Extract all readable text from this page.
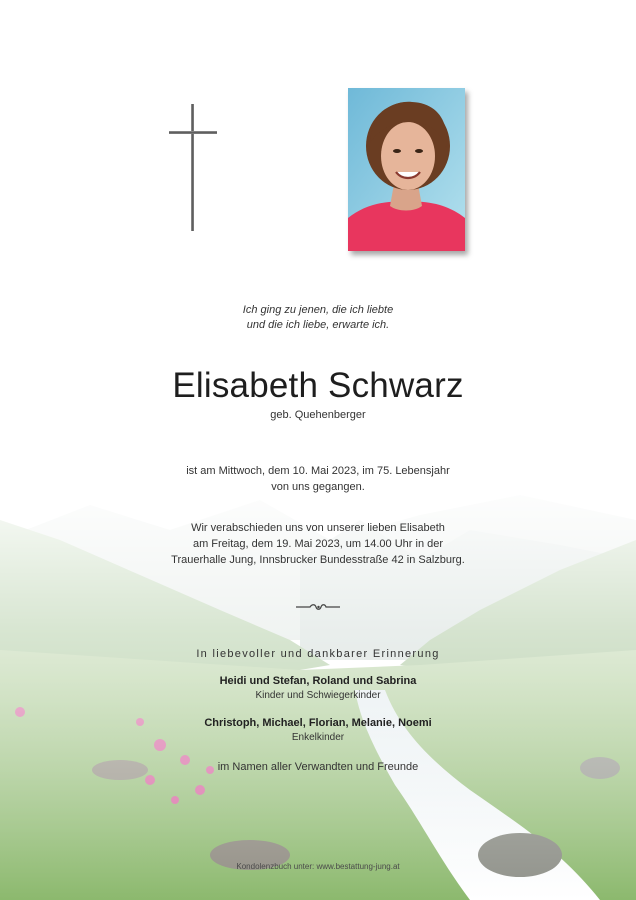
Ich ging zu jenen, die ich liebte
und die ich liebe, erwarte ich.
Elisabeth Schwarz
geb. Quehenberger
ist am Mittwoch, dem 10. Mai 2023, im 75. Lebensjahr
von uns gegangen.
Wir verabschieden uns von unserer lieben Elisabeth
am Freitag, dem 19. Mai 2023, um 14.00 Uhr in der
Trauerhalle Jung, Innsbrucker Bundesstraße 42 in Salzburg.
In liebevoller und dankbarer Erinnerung
Heidi und Stefan, Roland und Sabrina
Kinder und Schwiegerkinder
Christoph, Michael, Florian, Melanie, Noemi
Enkelkinder
im Namen aller Verwandten und Freunde
Kondolenzbuch unter: www.bestattung-jung.at
